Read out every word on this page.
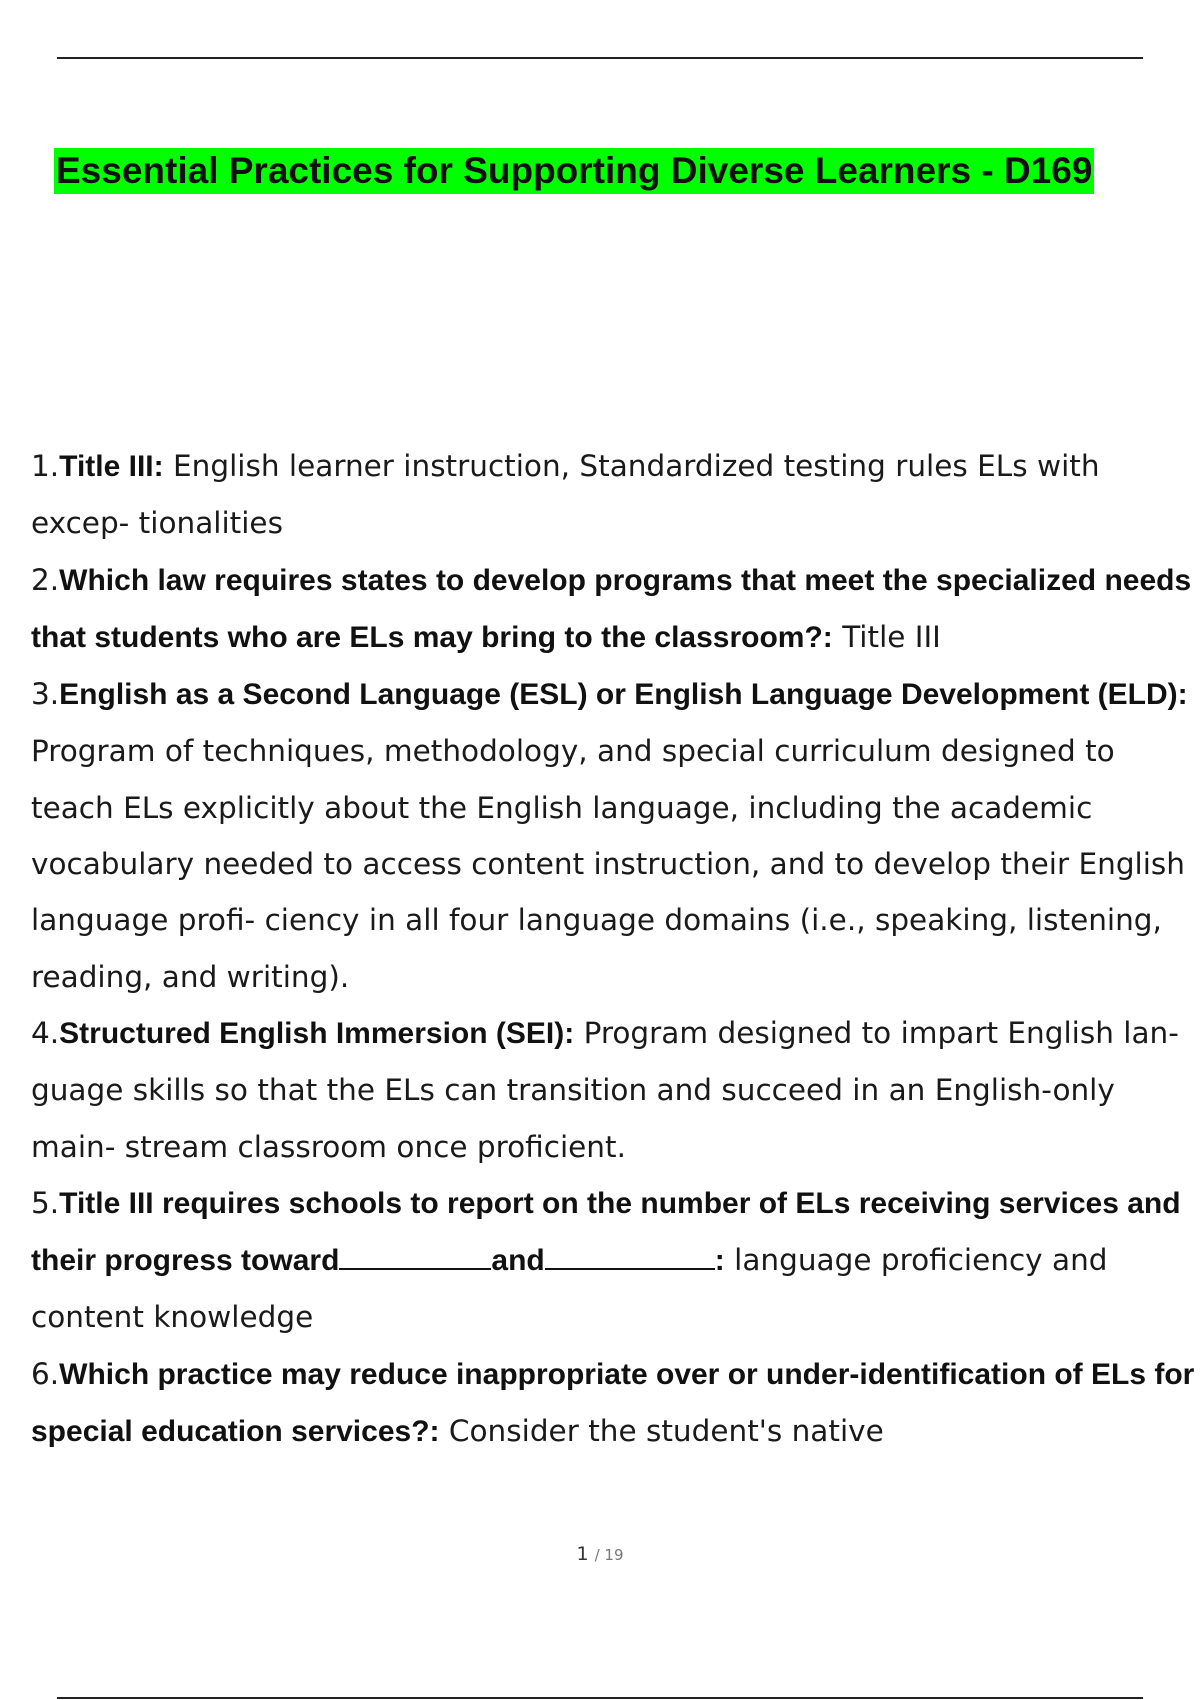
Essential Practices for Supporting Diverse Learners - D169

1.Title III: English learner instruction, Standardized testing rules ELs with excep- tionalities

2.Which law requires states to develop programs that meet the specialized needs that students who are ELs may bring to the classroom?: Title III

3.English as a Second Language (ESL) or English Language Development (ELD): Program of techniques, methodology, and special curriculum designed to teach ELs explicitly about the English language, including the academic vocabulary needed to access content instruction, and to develop their English language profi- ciency in all four language domains (i.e., speaking, listening, reading, and writing).

4.Structured English Immersion (SEI): Program designed to impart English lan- guage skills so that the ELs can transition and succeed in an English-only main- stream classroom once proficient.

5.Title III requires schools to report on the number of ELs receiving services and their progress toward	and	: language proficiency and content knowledge

6.Which practice may reduce inappropriate over or under-identification of ELs for special education services?: Consider the student's native

1 / 19
